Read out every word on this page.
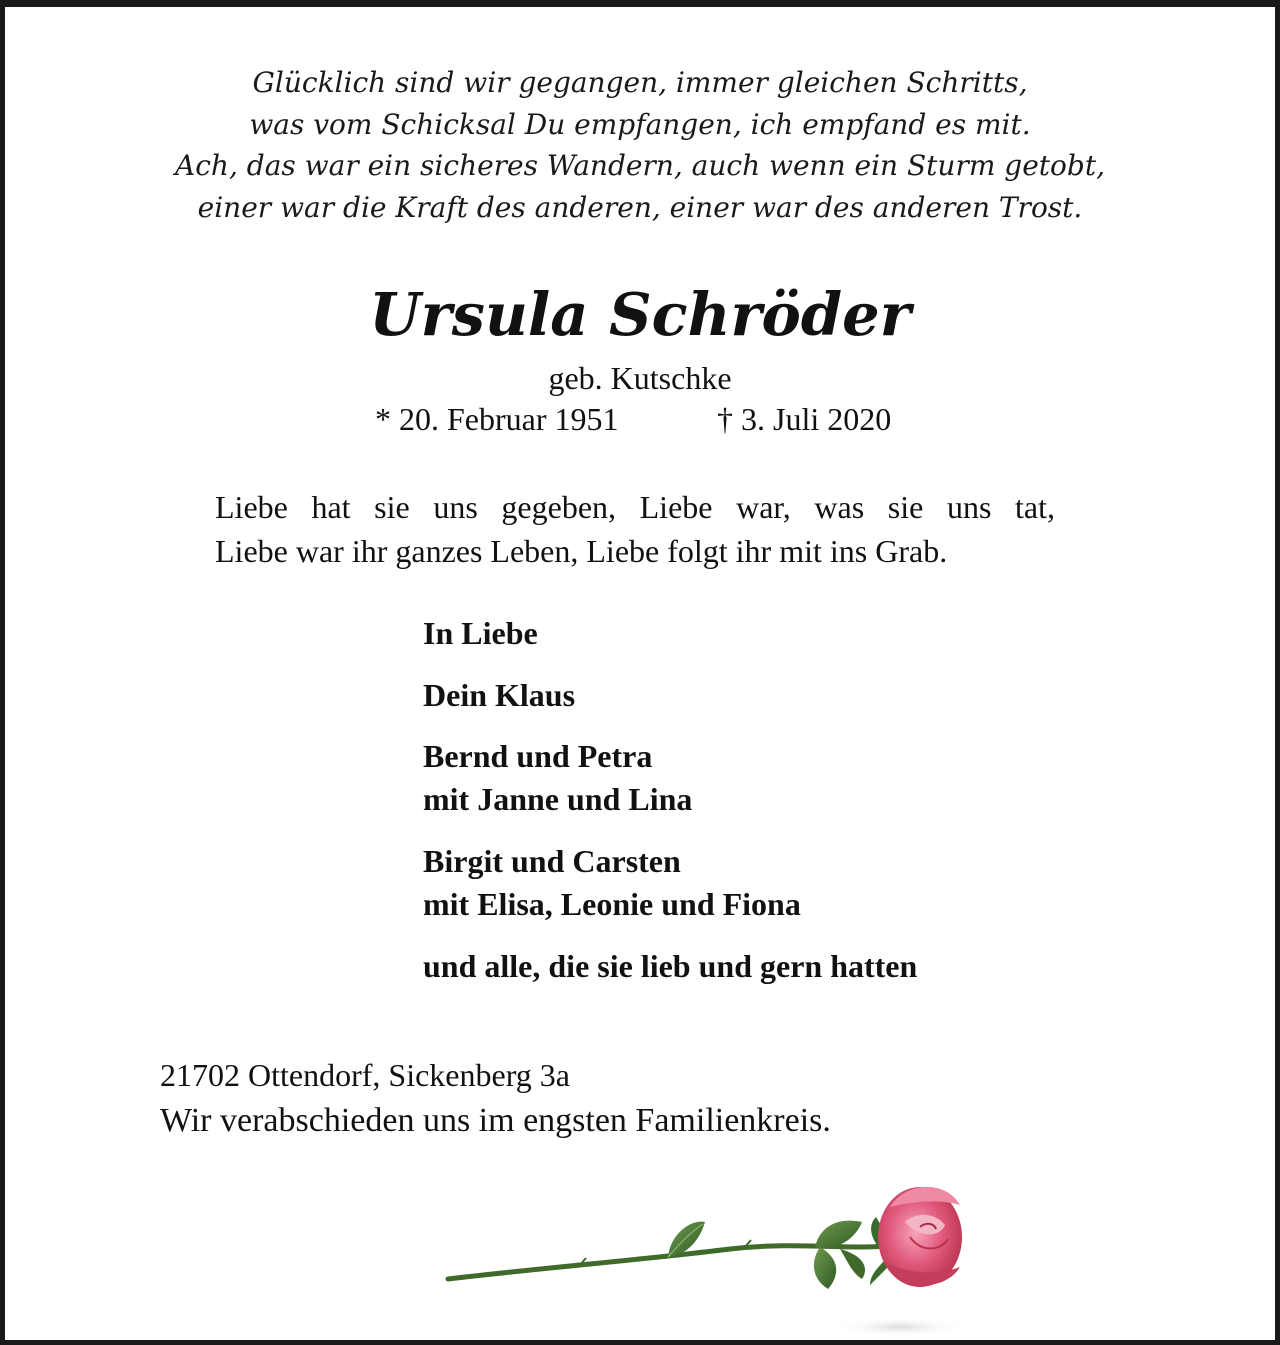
Glücklich sind wir gegangen, immer gleichen Schritts,
was vom Schicksal Du empfangen, ich empfand es mit.
Ach, das war ein sicheres Wandern, auch wenn ein Sturm getobt,
einer war die Kraft des anderen, einer war des anderen Trost.
Ursula Schröder
geb. Kutschke
* 20. Februar 1951	† 3. Juli 2020
Liebe hat sie uns gegeben, Liebe war, was sie uns tat,
Liebe war ihr ganzes Leben, Liebe folgt ihr mit ins Grab.
In Liebe
Dein Klaus
Bernd und Petra
mit Janne und Lina
Birgit und Carsten
mit Elisa, Leonie und Fiona
und alle, die sie lieb und gern hatten
21702 Ottendorf, Sickenberg 3a
Wir verabschieden uns im engsten Familienkreis.
